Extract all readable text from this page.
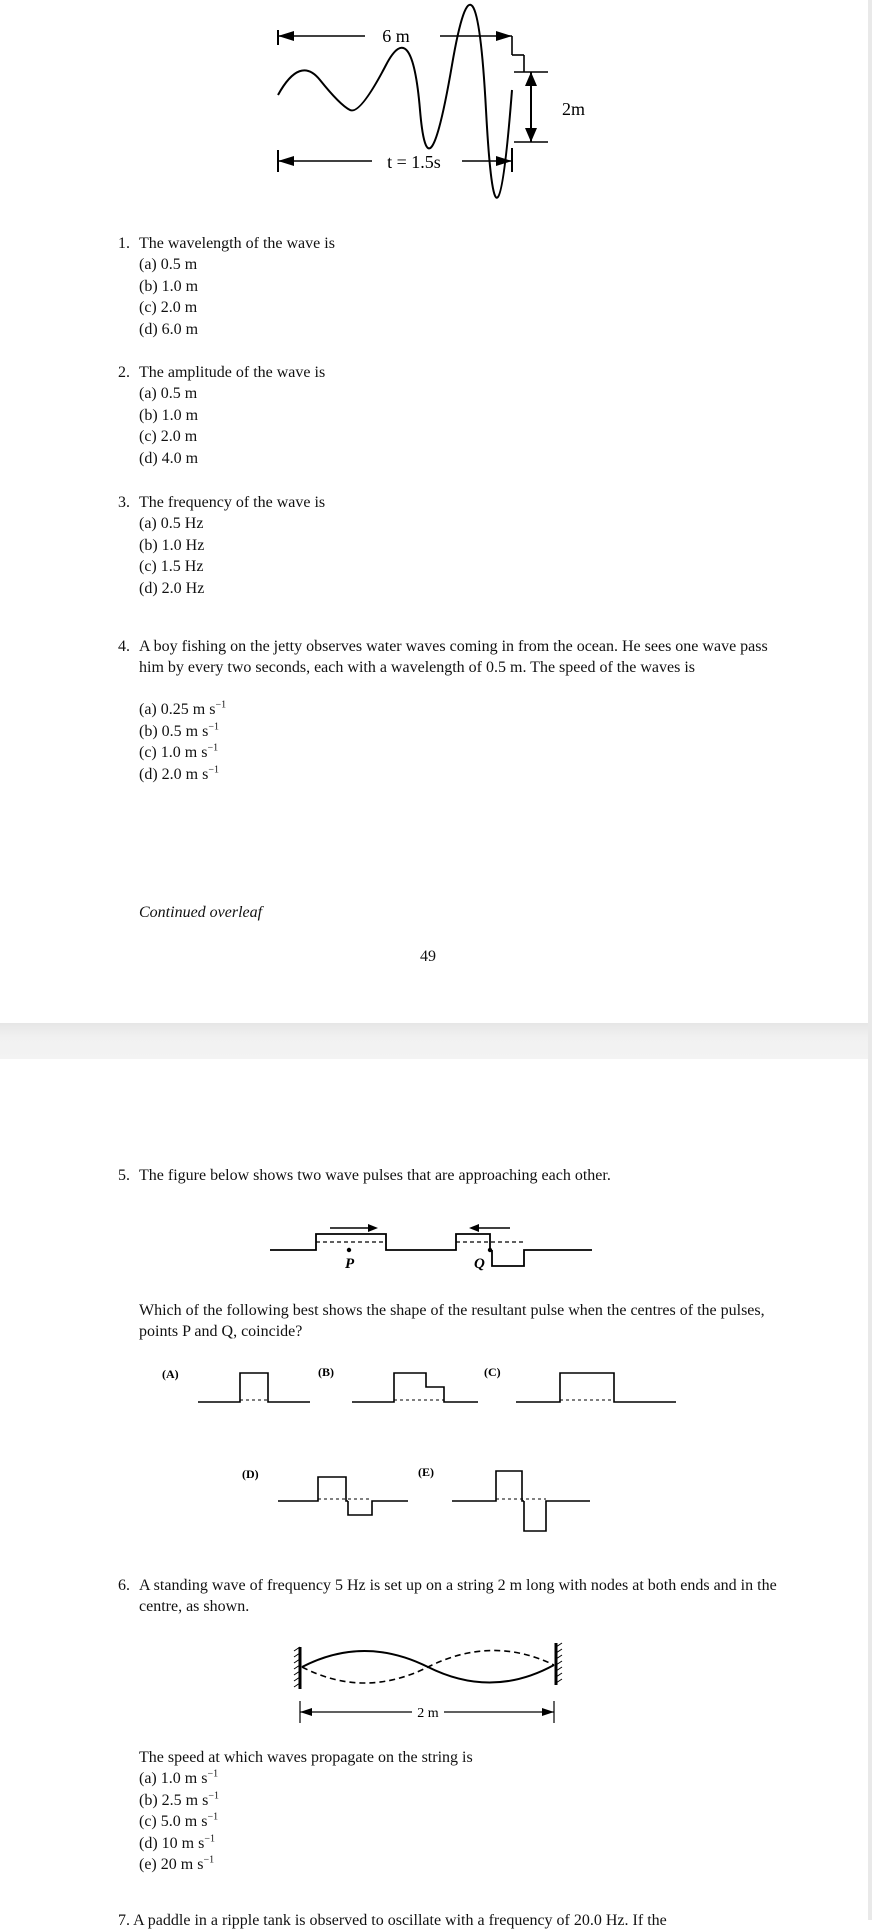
6 m
2m
t = 1.5s
1. The wavelength of the wave is
(a) 0.5 m
(b) 1.0 m
(c) 2.0 m
(d) 6.0 m
2. The amplitude of the wave is
(a) 0.5 m
(b) 1.0 m
(c) 2.0 m
(d) 4.0 m
3. The frequency of the wave is
(a) 0.5 Hz
(b) 1.0 Hz
(c) 1.5 Hz
(d) 2.0 Hz
4. A boy fishing on the jetty observes water waves coming in from the ocean. He sees one wave pass him by every two seconds, each with a wavelength of 0.5 m. The speed of the waves is
(a) 0.25 m $s^{-1}$
(b) 0.5 m $s^{-1}$
(c) 1.0 m $s^{-1}$
(d) 2.0 m $s^{-1}$
Continued overleaf
49
5. The figure below shows two wave pulses that are approaching each other.
P	Q
Which of the following best shows the shape of the resultant pulse when the centres of the pulses, points P and Q, coincide?
(A)	(B)	(C)
(D)	(E)
6. A standing wave of frequency 5 Hz is set up on a string 2 m long with nodes at both ends and in the centre, as shown.
2 m
The speed at which waves propagate on the string is
(a) 1.0 m $s^{-1}$
(b) 2.5 m $s^{-1}$
(c) 5.0 m $s^{-1}$
(d) 10 m $s^{-1}$
(e) 20 m $s^{-1}$
7. A paddle in a ripple tank is observed to oscillate with a frequency of 20.0 Hz. If the
